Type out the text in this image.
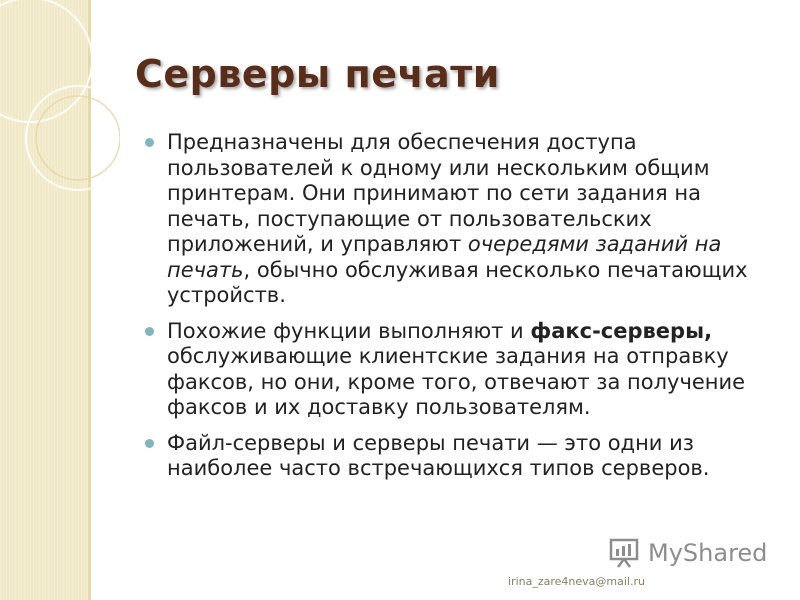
Серверы печати
Предназначены для обеспечения доступа пользователей к одному или нескольким общим принтерам. Они принимают по сети задания на печать, поступающие от пользовательских приложений, и управляют очередями заданий на печать, обычно обслуживая несколько печатающих устройств.
Похожие функции выполняют и факс-серверы, обслуживающие клиентские задания на отправку факсов, но они, кроме того, отвечают за получение факсов и их доставку пользователям.
Файл-серверы и серверы печати — это одни из наиболее часто встречающихся типов серверов.
MyShared
irina_zare4neva@mail.ru
